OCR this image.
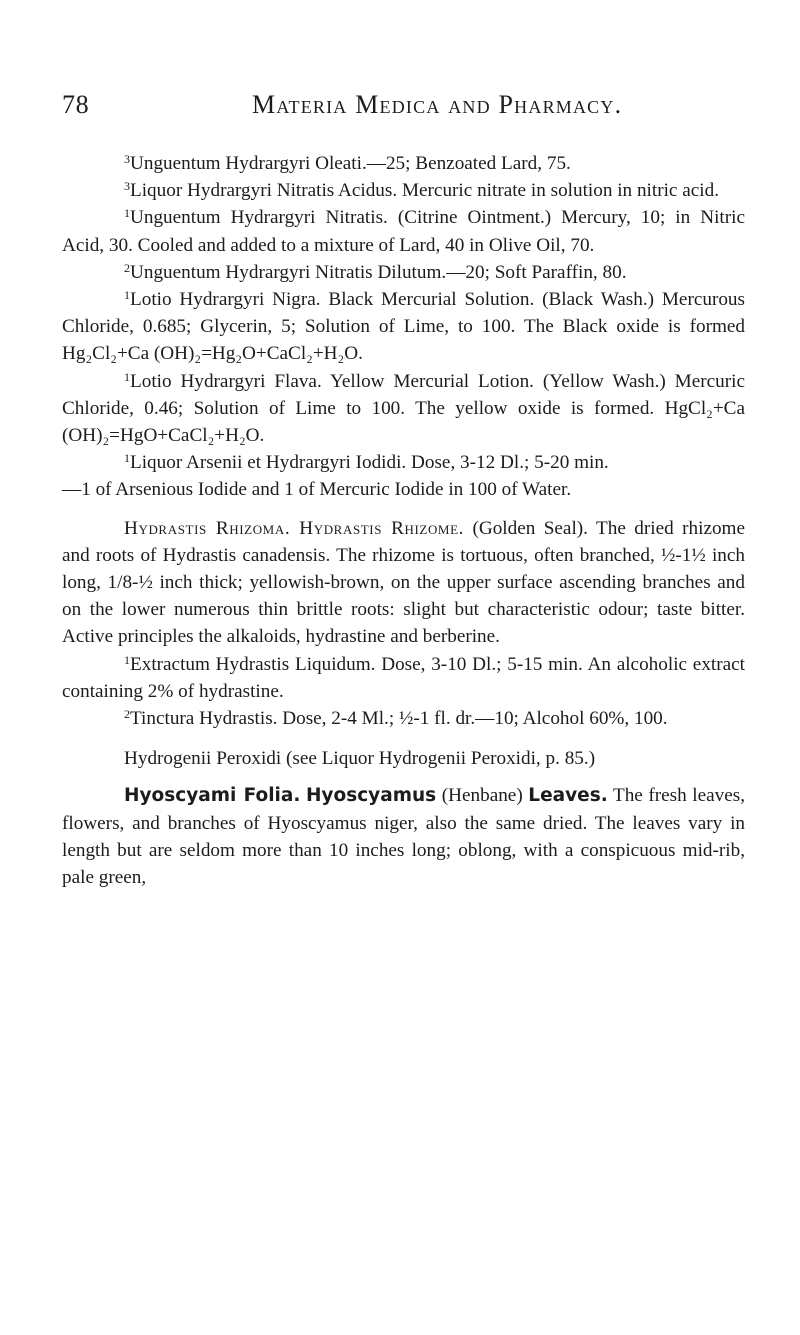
78	Materia Medica and Pharmacy.

$^3$Unguentum Hydrargyri Oleati.—25; Benzoated Lard, 75.

$^3$Liquor Hydrargyri Nitratis Acidus. Mercuric nitrate in solution in nitric acid.

$^1$Unguentum Hydrargyri Nitratis. (Citrine Ointment.) Mercury, 10; in Nitric Acid, 30. Cooled and added to a mixture of Lard, 40 in Olive Oil, 70.

$^2$Unguentum Hydrargyri Nitratis Dilutum.—20; Soft Paraffin, 80.

$^1$Lotio Hydrargyri Nigra. Black Mercurial Solution. (Black Wash.) Mercurous Chloride, 0.685; Glycerin, 5; Solution of Lime, to 100. The Black oxide is formed Hg₂Cl₂+Ca (OH)₂=Hg₂O+CaCl₂+H₂O.

$^1$Lotio Hydrargyri Flava. Yellow Mercurial Lotion. (Yellow Wash.) Mercuric Chloride, 0.46; Solution of Lime to 100. The yellow oxide is formed. HgCl₂+Ca (OH)₂=HgO+CaCl₂+H₂O.

$^1$Liquor Arsenii et Hydrargyri Iodidi. Dose, 3-12 Dl.; 5-20 min.

—1 of Arsenious Iodide and 1 of Mercuric Iodide in 100 of Water.

Hydrastis Rhizoma. Hydrastis Rhizome. (Golden Seal). The dried rhizome and roots of Hydrastis canadensis. The rhizome is tortuous, often branched, ½-1½ inch long, 1/8-½ inch thick; yellowish-brown, on the upper surface ascending branches and on the lower numerous thin brittle roots: slight but characteristic odour; taste bitter. Active principles the alkaloids, hydrastine and berberine.

$^1$Extractum Hydrastis Liquidum. Dose, 3-10 Dl.; 5-15 min. An alcoholic extract containing 2% of hydrastine.

$^2$Tinctura Hydrastis. Dose, 2-4 Ml.; ½-1 fl. dr.—10; Alcohol 60%, 100.

Hydrogenii Peroxidi (see Liquor Hydrogenii Peroxidi, p. 85.)

Hyoscyami Folia. Hyoscyamus (Henbane) Leaves. The fresh leaves, flowers, and branches of Hyoscyamus niger, also the same dried. The leaves vary in length but are seldom more than 10 inches long; oblong, with a conspicuous mid-rib, pale green,
